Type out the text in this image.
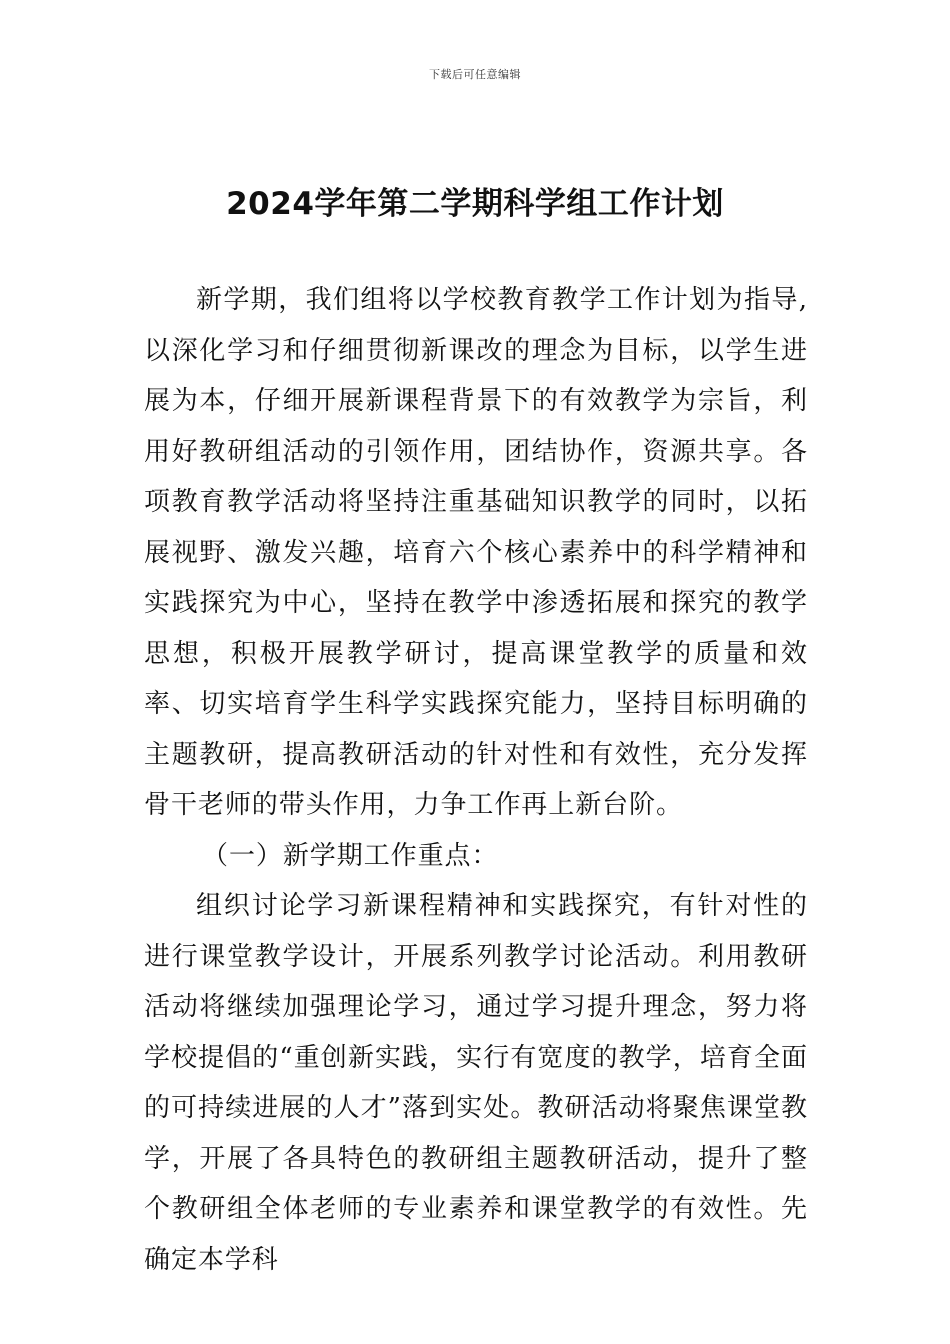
下载后可任意编辑
2024学年第二学期科学组工作计划

新学期，我们组将以学校教育教学工作计划为指导,以深化学习和仔细贯彻新课改的理念为目标，以学生进展为本，仔细开展新课程背景下的有效教学为宗旨，利用好教研组活动的引领作用，团结协作，资源共享。各项教育教学活动将坚持注重基础知识教学的同时，以拓展视野、激发兴趣，培育六个核心素养中的科学精神和实践探究为中心，坚持在教学中渗透拓展和探究的教学思想，积极开展教学研讨，提高课堂教学的质量和效率、切实培育学生科学实践探究能力，坚持目标明确的主题教研，提高教研活动的针对性和有效性，充分发挥骨干老师的带头作用，力争工作再上新台阶。

（一）新学期工作重点：

组织讨论学习新课程精神和实践探究，有针对性的进行课堂教学设计，开展系列教学讨论活动。利用教研活动将继续加强理论学习，通过学习提升理念，努力将学校提倡的“重创新实践，实行有宽度的教学，培育全面的可持续进展的人才”落到实处。教研活动将聚焦课堂教学，开展了各具特色的教研组主题教研活动，提升了整个教研组全体老师的专业素养和课堂教学的有效性。先确定本学科
